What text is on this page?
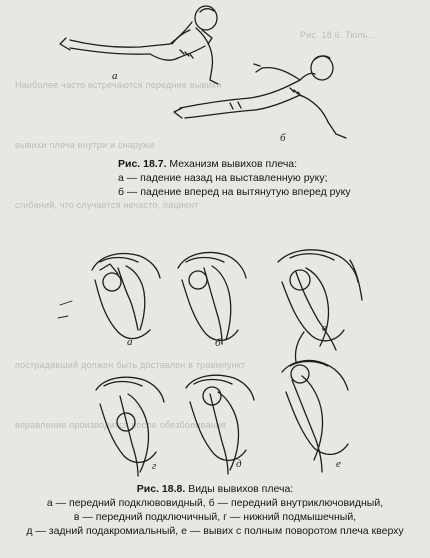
Рис. 18.6. Тюль...
Наиболее часто встречаются передние вывихи
вывихи плеча внутри и снаружи
сгибаний, что случается нечасто, пациент
пострадавший должен быть доставлен в травмпункт
вправление производится после обезболивания
а
б
Рис. 18.7. Механизм вывихов плеча:
а — падение назад на выставленную руку;
б — падение вперед на вытянутую вперед руку
а	б
в
г	д	е
Рис. 18.8. Виды вывихов плеча:
а — передний подклювовидный, б — передний внутриключовидный,
в — передний подключичный, г — нижний подмышечный,
д — задний подакромиальный, е — вывих с полным поворотом плеча кверху
